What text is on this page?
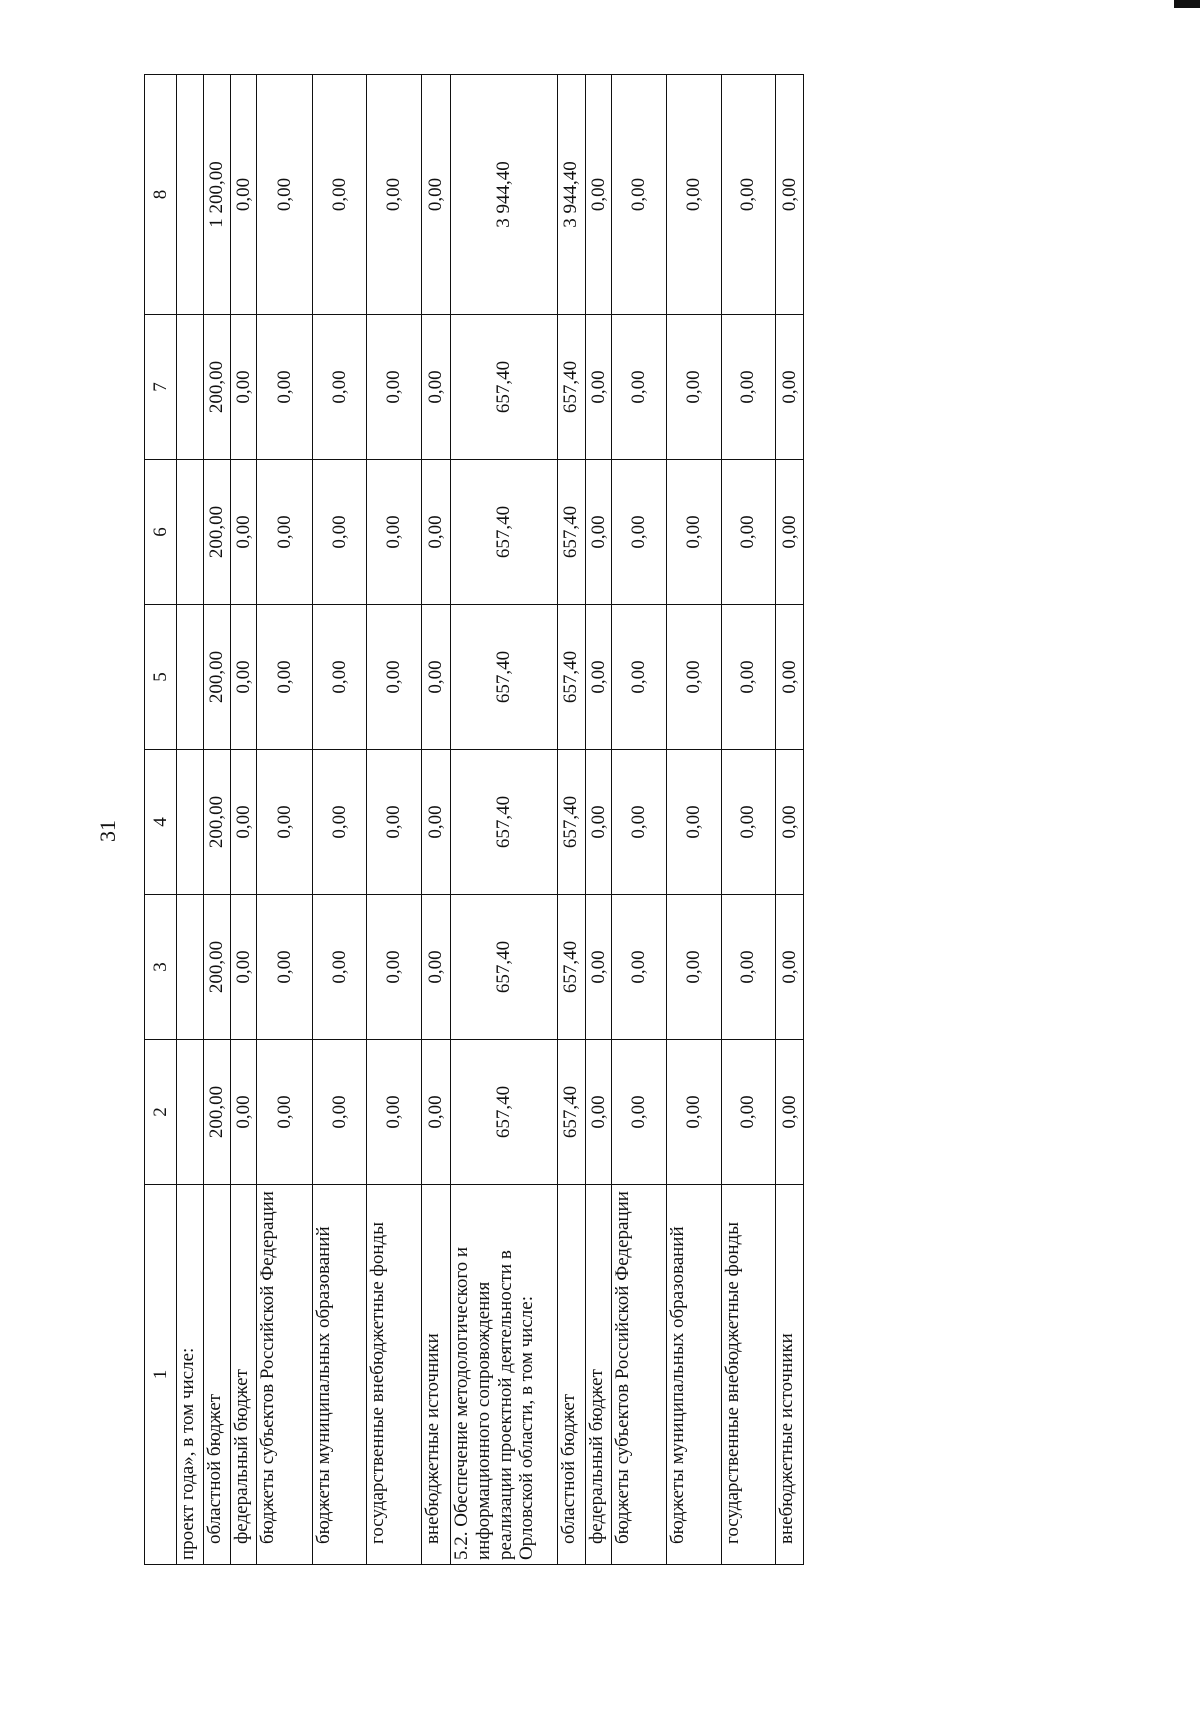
31
1	2	3	4	5	6	7	8
проект года», в том числе:							
областной бюджет	200,00	200,00	200,00	200,00	200,00	200,00	1 200,00
федеральный бюджет	0,00	0,00	0,00	0,00	0,00	0,00	0,00
бюджеты субъектов Российской Федерации	0,00	0,00	0,00	0,00	0,00	0,00	0,00
бюджеты муниципальных образований	0,00	0,00	0,00	0,00	0,00	0,00	0,00
государственные внебюджетные фонды	0,00	0,00	0,00	0,00	0,00	0,00	0,00
внебюджетные источники	0,00	0,00	0,00	0,00	0,00	0,00	0,00
5.2. Обеспечение методологического и информационного сопровождения реализации проектной деятельности в Орловской области, в том числе:	657,40	657,40	657,40	657,40	657,40	657,40	3 944,40
областной бюджет	657,40	657,40	657,40	657,40	657,40	657,40	3 944,40
федеральный бюджет	0,00	0,00	0,00	0,00	0,00	0,00	0,00
бюджеты субъектов Российской Федерации	0,00	0,00	0,00	0,00	0,00	0,00	0,00
бюджеты муниципальных образований	0,00	0,00	0,00	0,00	0,00	0,00	0,00
государственные внебюджетные фонды	0,00	0,00	0,00	0,00	0,00	0,00	0,00
внебюджетные источники	0,00	0,00	0,00	0,00	0,00	0,00	0,00
